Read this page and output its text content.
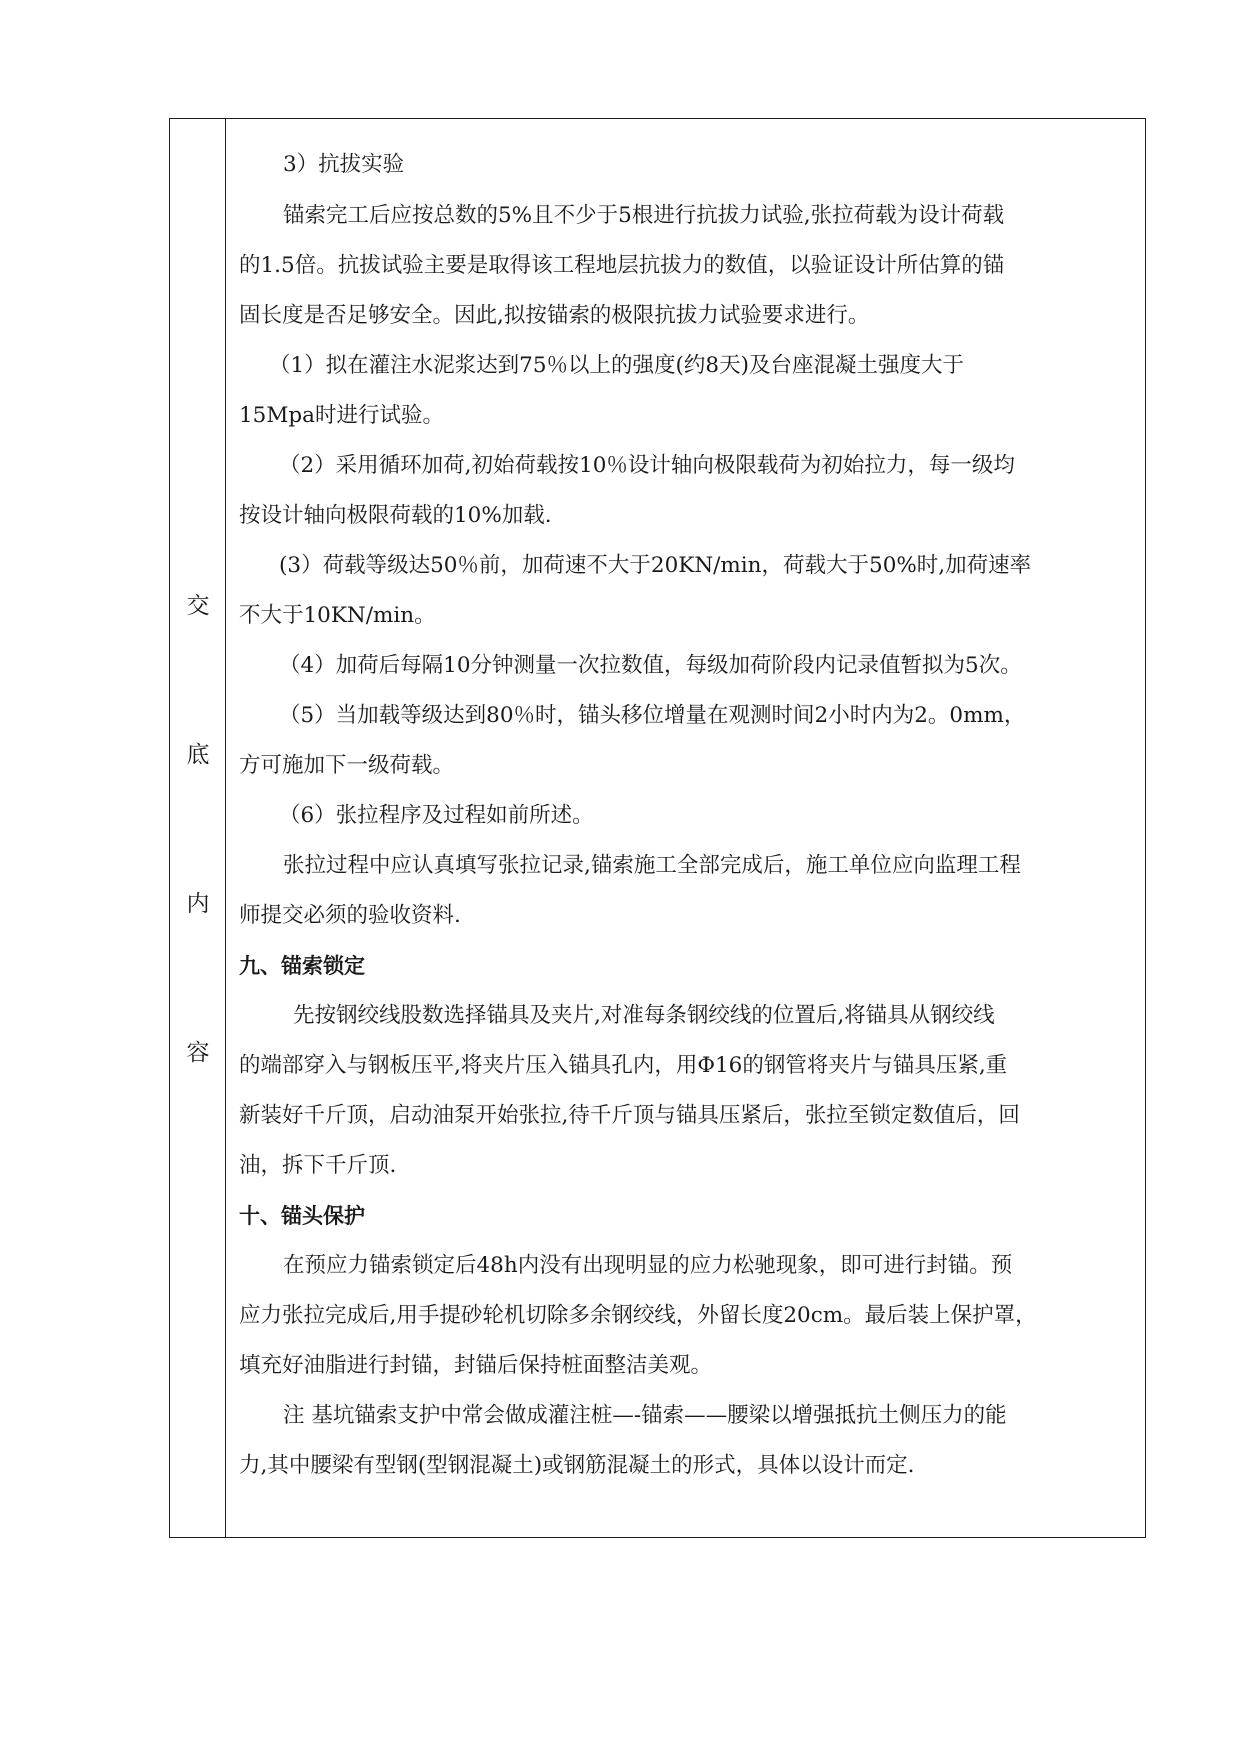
交
底
内
容
3）抗拔实验
锚索完工后应按总数的5%且不少于5根进行抗拔力试验,张拉荷载为设计荷载
的1.5倍。抗拔试验主要是取得该工程地层抗拔力的数值，以验证设计所估算的锚
固长度是否足够安全。因此,拟按锚索的极限抗拔力试验要求进行。
（1）拟在灌注水泥浆达到75％以上的强度(约8天)及台座混凝土强度大于
15Mpa时进行试验。
（2）采用循环加荷,初始荷载按10％设计轴向极限载荷为初始拉力，每一级均
按设计轴向极限荷载的10%加载.
(3）荷载等级达50％前，加荷速不大于20KN/min，荷载大于50%时,加荷速率
不大于10KN/min。
（4）加荷后每隔10分钟测量一次拉数值，每级加荷阶段内记录值暂拟为5次。
（5）当加载等级达到80％时，锚头移位增量在观测时间2小时内为2。0mm，
方可施加下一级荷载。
（6）张拉程序及过程如前所述。
张拉过程中应认真填写张拉记录,锚索施工全部完成后，施工单位应向监理工程
师提交必须的验收资料.
九、锚索锁定
先按钢绞线股数选择锚具及夹片,对准每条钢绞线的位置后,将锚具从钢绞线
的端部穿入与钢板压平,将夹片压入锚具孔内，用Φ16的钢管将夹片与锚具压紧,重
新装好千斤顶，启动油泵开始张拉,待千斤顶与锚具压紧后，张拉至锁定数值后，回
油，拆下千斤顶.
十、锚头保护
在预应力锚索锁定后48h内没有出现明显的应力松驰现象，即可进行封锚。预
应力张拉完成后,用手提砂轮机切除多余钢绞线，外留长度20cm。最后装上保护罩，
填充好油脂进行封锚，封锚后保持桩面整洁美观。
注 基坑锚索支护中常会做成灌注桩—-锚索——腰梁以增强抵抗土侧压力的能
力,其中腰梁有型钢(型钢混凝土)或钢筋混凝土的形式，具体以设计而定.
